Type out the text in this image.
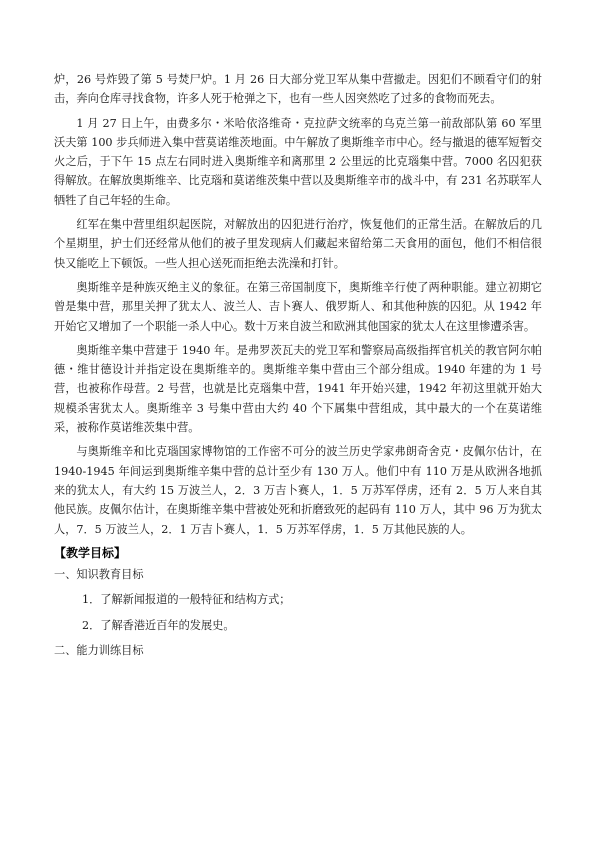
炉，26 号炸毁了第 5 号焚尸炉。1 月 26 日大部分党卫军从集中营撤走。因犯们不顾看守们的射击，奔向仓库寻找食物，许多人死于枪弹之下，也有一些人因突然吃了过多的食物而死去。

1 月 27 日上午，由费多尔・米哈依洛维奇・克拉萨文统率的乌克兰第一前敌部队第 60 军里沃夫第 100 步兵师进入集中营莫诺维茨地面。中午解放了奥斯维辛市中心。经与撤退的德军短暂交火之后，于下午 15 点左右同时进入奥斯维辛和离那里 2 公里远的比克瑙集中营。7000 名囚犯获得解放。在解放奥斯维辛、比克瑙和莫诺维茨集中营以及奥斯维辛市的战斗中，有 231 名苏联军人牺牲了自己年轻的生命。

红军在集中营里组织起医院，对解放出的囚犯进行治疗，恢复他们的正常生活。在解放后的几个星期里，护士们还经常从他们的被子里发现病人们藏起来留给第二天食用的面包，他们不相信很快又能吃上下顿饭。一些人担心送死而拒绝去洗澡和打针。

奥斯维辛是种族灭绝主义的象征。在第三帝国制度下，奥斯维辛行使了两种职能。建立初期它曾是集中营，那里关押了犹太人、波兰人、吉卜赛人、俄罗斯人、和其他种族的囚犯。从 1942 年开始它又增加了一个职能一杀人中心。数十万来自波兰和欧洲其他国家的犹太人在这里惨遭杀害。

奥斯维辛集中营建于 1940 年。是弗罗茨瓦夫的党卫军和警察局高级指挥官机关的教官阿尔帕德・维甘德设计并指定设在奥斯维辛的。奥斯维辛集中营由三个部分组成。1940 年建的为 1 号营，也被称作母营。2 号营，也就是比克瑙集中营，1941 年开始兴建，1942 年初这里就开始大规模杀害犹太人。奥斯维辛 3 号集中营由大约 40 个下属集中营组成，其中最大的一个在莫诺维采，被称作莫诺维茨集中营。

与奥斯维辛和比克瑙国家博物馆的工作密不可分的波兰历史学家弗朗奇舍克・皮佩尔估计，在 1940-1945 年间运到奥斯维辛集中营的总计至少有 130 万人。他们中有 110 万是从欧洲各地抓来的犹太人，有大约 15 万波兰人，2．3 万吉卜赛人，1．5 万苏军俘虏，还有 2．5 万人来自其他民族。皮佩尔估计，在奥斯维辛集中营被处死和折磨致死的起码有 110 万人，其中 96 万为犹太人，7．5 万波兰人，2．1 万吉卜赛人，1．5 万苏军俘虏，1．5 万其他民族的人。

【教学目标】
一、知识教育目标
1．了解新闻报道的一般特征和结构方式；
2．了解香港近百年的发展史。
二、能力训练目标
